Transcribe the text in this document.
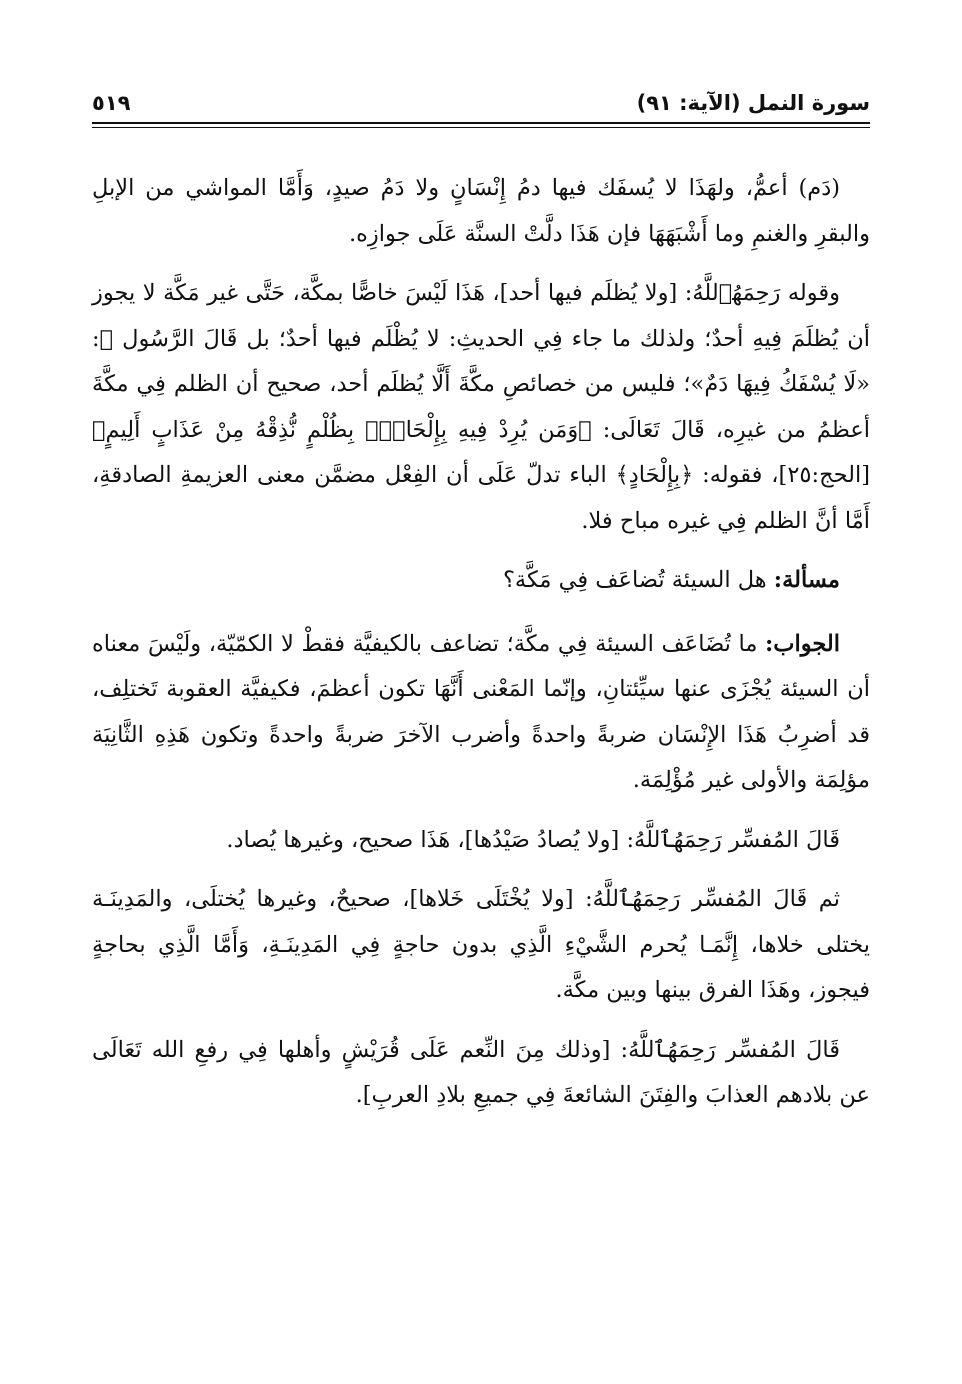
سورة النمل (الآية: ٩١)
٥١٩

(دَم) أعمُّ، ولهَذَا لا يُسفَك فيها دمُ إِنْسَانٍ ولا دَمُ صيدٍ، وَأَمَّا المواشي من الإبلِ والبقرِ والغنمِ وما أَشْبَهَهَا فإن هَذَا دلَّتْ السنَّة عَلَى جوازِه.

وقوله رَحِمَهُٱللَّهُ: [ولا يُظلَم فيها أحد]، هَذَا لَيْسَ خاصًّا بمكَّة، حَتَّى غير مَكَّة لا يجوز أن يُظلَمَ فِيهِ أحدٌ؛ ولذلك ما جاء فِي الحديثِ: لا يُظْلَم فيها أحدٌ؛ بل قَالَ الرَّسُول ﷺ: «لَا يُسْفَكُ فِيهَا دَمٌ»؛ فليس من خصائصِ مكَّةَ أَلَّا يُظلَم أحد، صحيح أن الظلم فِي مكَّةَ أعظمُ من غيرِه، قَالَ تَعَالَى: ﴿وَمَن يُرِدْ فِيهِ بِإِلْحَادٍۭ بِظُلْمٍ نُّذِقْهُ مِنْ عَذَابٍ أَلِيمٍ﴾ [الحج:٢٥]، فقوله: ﴿بِإِلْحَادٍ﴾ الباء تدلّ عَلَى أن الفِعْل مضمَّن معنى العزيمةِ الصادقةِ، أَمَّا أنَّ الظلم فِي غيره مباح فلا.

مسألة: هل السيئة تُضاعَف فِي مَكَّة؟

الجواب: ما تُضَاعَف السيئة فِي مكَّة؛ تضاعف بالكيفيَّة فقطْ لا الكمّيّة، ولَيْسَ معناه أن السيئة يُجْزَى عنها سيِّئتانِ، وإنّما المَعْنى أَنَّهَا تكون أعظمَ، فكيفيَّة العقوبة تَختلِف، قد أضرِبُ هَذَا الإِنْسَان ضربةً واحدةً وأضرب الآخرَ ضربةً واحدةً وتكون هَذِهِ الثَّانِيَة مؤلِمَة والأولى غير مُؤْلِمَة.

قَالَ المُفسِّر رَحِمَهُٱللَّهُ: [ولا يُصادُ صَيْدُها]، هَذَا صحيح، وغيرها يُصاد.

ثم قَالَ المُفسِّر رَحِمَهُٱللَّهُ: [ولا يُخْتَلَى خَلاها]، صحيحٌ، وغيرها يُختلَى، والمَدِينَـة يختلى خلاها، إِنَّمَـا يُحرم الشَّيْءِ الَّذِي بدون حاجةٍ فِي المَدِينَـةِ، وَأَمَّا الَّذِي بحاجةٍ فيجوز، وهَذَا الفرق بينها وبين مكَّة.

قَالَ المُفسِّر رَحِمَهُٱللَّهُ: [وذلك مِنَ النِّعم عَلَى قُرَيْشٍ وأهلها فِي رفعِ الله تَعَالَى عن بلادهم العذابَ والفِتَنَ الشائعةَ فِي جميعِ بلادِ العربِ].
